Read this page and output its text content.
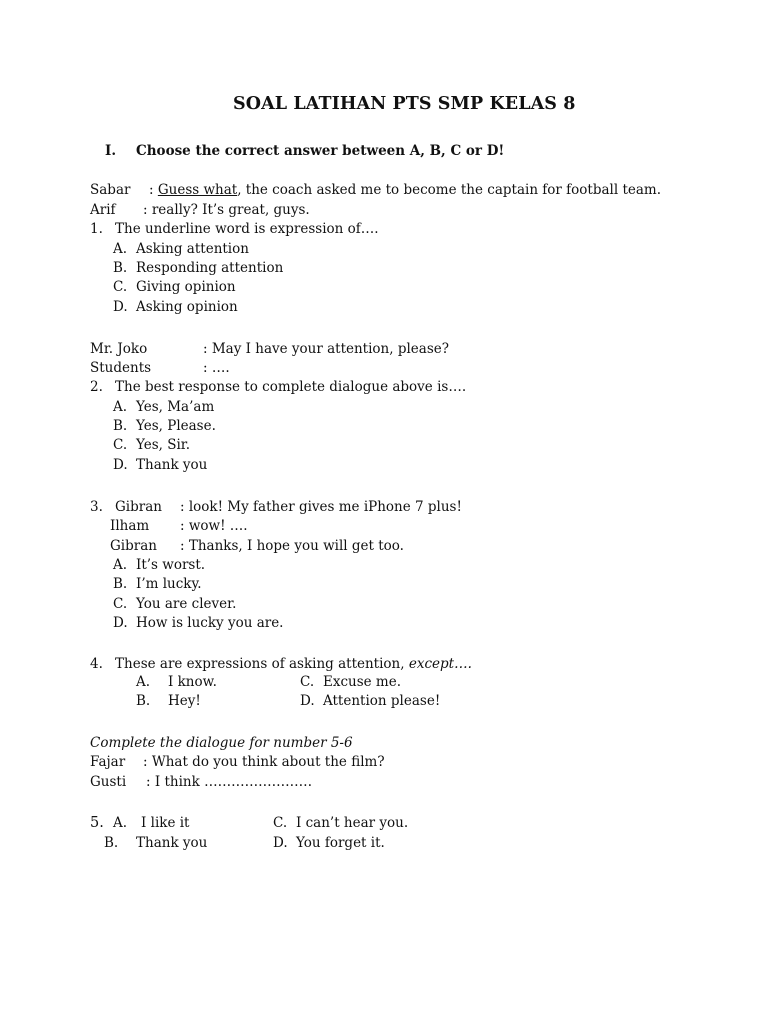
SOAL LATIHAN PTS SMP KELAS 8
I. Choose the correct answer between A, B, C or D!
Sabar : Guess what, the coach asked me to become the captain for football team.
Arif : really? It’s great, guys.
1. The underline word is expression of….
A. Asking attention
B. Responding attention
C. Giving opinion
D. Asking opinion
Mr. Joko	: May I have your attention, please?
Students	: ….
2. The best response to complete dialogue above is….
A. Yes, Ma’am
B. Yes, Please.
C. Yes, Sir.
D. Thank you
3. Gibran : look! My father gives me iPhone 7 plus!
Ilham : wow! ….
Gibran : Thanks, I hope you will get too.
A. It’s worst.
B. I’m lucky.
C. You are clever.
D. How is lucky you are.
4. These are expressions of asking attention, except….
A. I know.
B. Hey!
C. Excuse me.
D. Attention please!
Complete the dialogue for number 5-6
Fajar : What do you think about the film?
Gusti : I think ……………………
5. A. I like it
B. Thank you
C. I can’t hear you.
D. You forget it.
